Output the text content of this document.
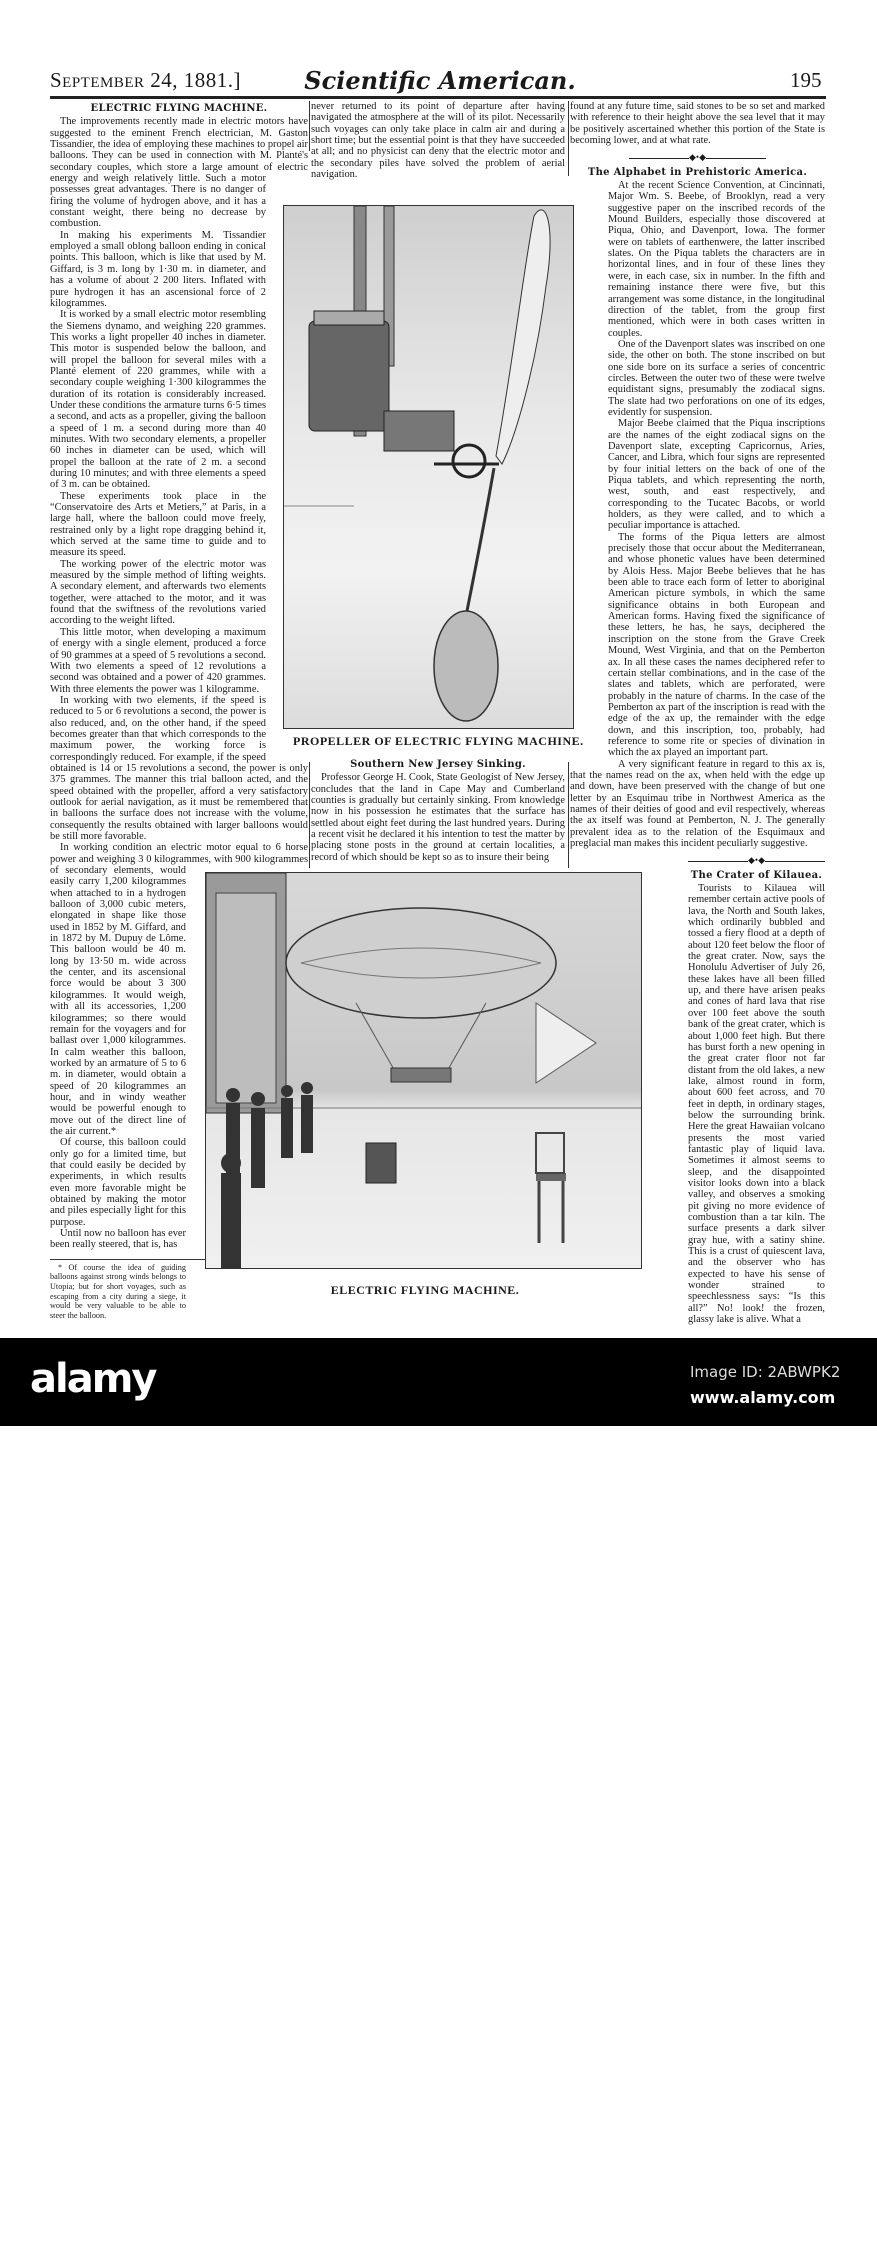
September 24, 1881.]	Scientific American.	195
ELECTRIC FLYING MACHINE.

The improvements recently made in electric motors have suggested to the eminent French electrician, M. Gaston Tissandier, the idea of employing these machines to propel air balloons. They can be used in connection with M. Planté's secondary couples, which store a large amount of electric energy and weigh relatively little. Such a motor possesses great advantages. There is no danger of firing the volume of hydrogen above, and it has a constant weight, there being no decrease by combustion.

In making his experiments M. Tissandier employed a small oblong balloon ending in conical points. This balloon, which is like that used by M. Giffard, is 3 m. long by 1·30 m. in diameter, and has a volume of about 2 200 liters. Inflated with pure hydrogen it has an ascensional force of 2 kilogrammes.

It is worked by a small electric motor resembling the Siemens dynamo, and weighing 220 grammes. This works a light propeller 40 inches in diameter. This motor is suspended below the balloon, and will propel the balloon for several miles with a Planté element of 220 grammes, while with a secondary couple weighing 1·300 kilogrammes the duration of its rotation is considerably increased. Under these conditions the armature turns 6·5 times a second, and acts as a propeller, giving the balloon a speed of 1 m. a second during more than 40 minutes. With two secondary elements, a propeller 60 inches in diameter can be used, which will propel the balloon at the rate of 2 m. a second during 10 minutes; and with three elements a speed of 3 m. can be obtained.

These experiments took place in the “Conservatoire des Arts et Metiers,” at Paris, in a large hall, where the balloon could move freely, restrained only by a light rope dragging behind it, which served at the same time to guide and to measure its speed.

The working power of the electric motor was measured by the simple method of lifting weights. A secondary element, and afterwards two elements together, were attached to the motor, and it was found that the swiftness of the revolutions varied according to the weight lifted.

This little motor, when developing a maximum of energy with a single element, produced a force of 90 grammes at a speed of 5 revolutions a second. With two elements a speed of 12 revolutions a second was obtained and a power of 420 grammes. With three elements the power was 1 kilogramme.

In working with two elements, if the speed is reduced to 5 or 6 revolutions a second, the power is also reduced, and, on the other hand, if the speed becomes greater than that which corresponds to the maximum power, the working force is correspondingly reduced. For example, if the speed obtained is 14 or 15 revolutions a second, the power is only 375 grammes. The manner this trial balloon acted, and the speed obtained with the propeller, afford a very satisfactory outlook for aerial navigation, as it must be remembered that in balloons the surface does not increase with the volume, consequently the results obtained with larger balloons would be still more favorable.

In working condition an electric motor equal to 6 horse power and weighing 3 0 kilogrammes, with 900 kilogrammes of secondary elements, would easily carry 1,200 kilogrammes when attached to in a hydrogen balloon of 3,000 cubic meters, elongated in shape like those used in 1852 by M. Giffard, and in 1872 by M. Dupuy de Lôme. This balloon would be 40 m. long by 13·50 m. wide across the center, and its ascensional force would be about 3 300 kilogrammes. It would weigh, with all its accessories, 1,200 kilogrammes; so there would remain for the voyagers and for ballast over 1,000 kilogrammes. In calm weather this balloon, worked by an armature of 5 to 6 m. in diameter, would obtain a speed of 20 kilogrammes an hour, and in windy weather would be powerful enough to move out of the direct line of the air current.*

Of course, this balloon could only go for a limited time, but that could easily be decided by experiments, in which results even more favorable might be obtained by making the motor and piles especially light for this purpose.

Until now no balloon has ever been really steered, that is, has

* Of course the idea of guiding balloons against strong winds belongs to Utopia; but for short voyages, such as escaping from a city during a siege, it would be very valuable to be able to steer the balloon.

never returned to its point of departure after having navigated the atmosphere at the will of its pilot. Necessarily such voyages can only take place in calm air and during a short time; but the essential point is that they have succeeded at all; and no physicist can deny that the electric motor and the secondary piles have solved the problem of aerial navigation.

PROPELLER OF ELECTRIC FLYING MACHINE.
Southern New Jersey Sinking.

Professor George H. Cook, State Geologist of New Jersey, concludes that the land in Cape May and Cumberland counties is gradually but certainly sinking. From knowledge now in his possession he estimates that the surface has settled about eight feet during the last hundred years. During a recent visit he declared it his intention to test the matter by placing stone posts in the ground at certain localities, a record of which should be kept so as to insure their being

found at any future time, said stones to be so set and marked with reference to their height above the sea level that it may be positively ascertained whether this portion of the State is becoming lower, and at what rate.

◆•◆
The Alphabet in Prehistoric America.

At the recent Science Convention, at Cincinnati, Major Wm. S. Beebe, of Brooklyn, read a very suggestive paper on the inscribed records of the Mound Builders, especially those discovered at Piqua, Ohio, and Davenport, Iowa. The former were on tablets of earthenwere, the latter inscribed slates. On the Piqua tablets the characters are in horizontal lines, and in four of these lines they were, in each case, six in number. In the fifth and remaining instance there were five, but this arrangement was some distance, in the longitudinal direction of the tablet, from the group first mentioned, which were in both cases written in couples.

One of the Davenport slates was inscribed on one side, the other on both. The stone inscribed on but one side bore on its surface a series of concentric circles. Between the outer two of these were twelve equidistant signs, presumably the zodiacal signs. The slate had two perforations on one of its edges, evidently for suspension.

Major Beebe claimed that the Piqua inscriptions are the names of the eight zodiacal signs on the Davenport slate, excepting Capricornus, Aries, Cancer, and Libra, which four signs are represented by four initial letters on the back of one of the Piqua tablets, and which representing the north, west, south, and east respectively, and corresponding to the Tucatec Bacobs, or world holders, as they were called, and to which a peculiar importance is attached.

The forms of the Piqua letters are almost precisely those that occur about the Mediterranean, and whose phonetic values have been determined by Alois Hess. Major Beebe believes that he has been able to trace each form of letter to aboriginal American picture symbols, in which the same significance obtains in both European and American forms. Having fixed the significance of these letters, he has, he says, deciphered the inscription on the stone from the Grave Creek Mound, West Virginia, and that on the Pemberton ax. In all these cases the names deciphered refer to certain stellar combinations, and in the case of the slates and tablets, which are perforated, were probably in the nature of charms. In the case of the Pemberton ax part of the inscription is read with the edge of the ax up, the remainder with the edge down, and this inscription, too, probably, had reference to some rite or species of divination in which the ax played an important part.

A very significant feature in regard to this ax is, that the names read on the ax, when held with the edge up and down, have been preserved with the change of but one letter by an Esquimau tribe in Northwest America as the names of their deities of good and evil respectively, whereas the ax itself was found at Pemberton, N. J. The generally prevalent idea as to the relation of the Esquimaux and preglacial man makes this incident peculiarly suggestive.

◆•◆
The Crater of Kilauea.

Tourists to Kilauea will remember certain active pools of lava, the North and South lakes, which ordinarily bubbled and tossed a fiery flood at a depth of about 120 feet below the floor of the great crater. Now, says the Honolulu Advertiser of July 26, these lakes have all been filled up, and there have arisen peaks and cones of hard lava that rise over 100 feet above the south bank of the great crater, which is about 1,000 feet high. But there has burst forth a new opening in the great crater floor not far distant from the old lakes, a new lake, almost round in form, about 600 feet across, and 70 feet in depth, in ordinary stages, below the surrounding brink. Here the great Hawaiian volcano presents the most varied fantastic play of liquid lava. Sometimes it almost seems to sleep, and the disappointed visitor looks down into a black valley, and observes a smoking pit giving no more evidence of combustion than a tar kiln. The surface presents a dark silver gray hue, with a satiny shine. This is a crust of quiescent lava, and the observer who has expected to have his sense of wonder strained to speechlessness says: “Is this all?” No! look! the frozen, glassy lake is alive. What a

ELECTRIC FLYING MACHINE.
alamy	Image ID: 2ABWPK2
www.alamy.com
